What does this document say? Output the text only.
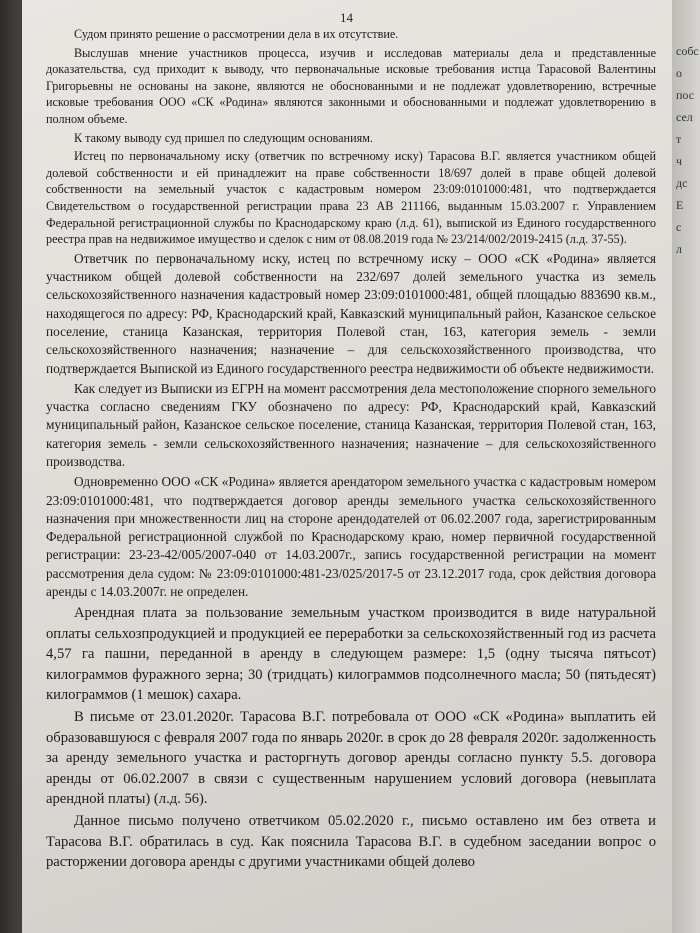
14

Судом принято решение о рассмотрении дела в их отсутствие.

Выслушав мнение участников процесса, изучив и исследовав материалы дела и представленные доказательства, суд приходит к выводу, что первоначальные исковые требования истца Тарасовой Валентины Григорьевны не основаны на законе, являются не обоснованными и не подлежат удовлетворению, встречные исковые требования ООО «СК «Родина» являются законными и обоснованными и подлежат удовлетворению в полном объеме.

К такому выводу суд пришел по следующим основаниям.

Истец по первоначальному иску (ответчик по встречному иску) Тарасова В.Г. является участником общей долевой собственности и ей принадлежит на праве собственности 18/697 долей в праве общей долевой собственности на земельный участок с кадастровым номером 23:09:0101000:481, что подтверждается Свидетельством о государственной регистрации права 23 АВ 211166, выданным 15.03.2007 г. Управлением Федеральной регистрационной службы по Краснодарскому краю (л.д. 61), выпиской из Единого государственного реестра прав на недвижимое имущество и сделок с ним от 08.08.2019 года № 23/214/002/2019-2415 (л.д. 37-55).

Ответчик по первоначальному иску, истец по встречному иску – ООО «СК «Родина» является участником общей долевой собственности на 232/697 долей земельного участка из земель сельскохозяйственного назначения кадастровый номер 23:09:0101000:481, общей площадью 883690 кв.м., находящегося по адресу: РФ, Краснодарский край, Кавказский муниципальный район, Казанское сельское поселение, станица Казанская, территория Полевой стан, 163, категория земель - земли сельскохозяйственного назначения; назначение – для сельскохозяйственного производства, что подтверждается Выпиской из Единого государственного реестра недвижимости об объекте недвижимости.

Как следует из Выписки из ЕГРН на момент рассмотрения дела местоположение спорного земельного участка согласно сведениям ГКУ обозначено по адресу: РФ, Краснодарский край, Кавказский муниципальный район, Казанское сельское поселение, станица Казанская, территория Полевой стан, 163, категория земель - земли сельскохозяйственного назначения; назначение – для сельскохозяйственного производства.

Одновременно ООО «СК «Родина» является арендатором земельного участка с кадастровым номером 23:09:0101000:481, что подтверждается договор аренды земельного участка сельскохозяйственного назначения при множественности лиц на стороне арендодателей от 06.02.2007 года, зарегистрированным Федеральной регистрационной службой по Краснодарскому краю, номер первичной государственной регистрации: 23-23-42/005/2007-040 от 14.03.2007г., запись государственной регистрации на момент рассмотрения дела судом: № 23:09:0101000:481-23/025/2017-5 от 23.12.2017 года, срок действия договора аренды с 14.03.2007г. не определен.

Арендная плата за пользование земельным участком производится в виде натуральной оплаты сельхозпродукцией и продукцией ее переработки за сельскохозяйственный год из расчета 4,57 га пашни, переданной в аренду в следующем размере: 1,5 (одну тысяча пятьсот) килограммов фуражного зерна; 30 (тридцать) килограммов подсолнечного масла; 50 (пятьдесят) килограммов (1 мешок) сахара.

В письме от 23.01.2020г. Тарасова В.Г. потребовала от ООО «СК «Родина» выплатить ей образовавшуюся с февраля 2007 года по январь 2020г. в срок до 28 февраля 2020г. задолженность за аренду земельного участка и расторгнуть договор аренды согласно пункту 5.5. договора аренды от 06.02.2007 в связи с существенным нарушением условий договора (невыплата арендной платы) (л.д. 56).

Данное письмо получено ответчиком 05.02.2020 г., письмо оставлено им без ответа и Тарасова В.Г. обратилась в суд. Как пояснила Тарасова В.Г. в судебном заседании вопрос о расторжении договора аренды с другими участниками общей долево

собс
о
пос
сел
т
ч
дс
Е
с
л
